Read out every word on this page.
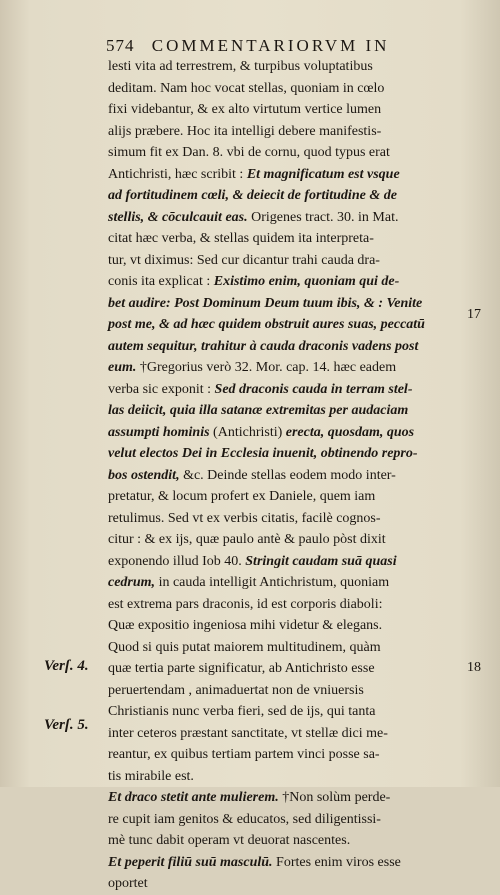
574 COMMENTARIORVM IN
lesti vita ad terrestrem, & turpibus voluptatibus
deditam. Nam hoc vocat stellas, quoniam in cœlo
fixi videbantur, & ex alto virtutum vertice lumen
alijs præbere. Hoc ita intelligi debere manifestis-
simum fit ex Dan. 8. vbi de cornu, quod typus erat
Antichristi, hæc scribit : Et magnificatum est vsque
ad fortitudinem cœli, & deiecit de fortitudine & de
stellis, & cōculcauit eas. Origenes tract. 30. in Mat.
citat hæc verba, & stellas quidem ita interpreta-
tur, vt diximus: Sed cur dicantur trahi cauda dra-
conis ita explicat : Existimo enim, quoniam qui de-
bet audire: Post Dominum Deum tuum ibis, & : Venite
post me, & ad hæc quidem obstruit aures suas, peccatū
autem sequitur, trahitur à cauda draconis vadens post
eum. †Gregorius verò 32. Mor. cap. 14. hæc eadem
verba sic exponit : Sed draconis cauda in terram stel-
las deiicit, quia illa satanæ extremitas per audaciam
assumpti hominis (Antichristi) erecta, quosdam, quos
velut electos Dei in Ecclesia inuenit, obtinendo repro-
bos ostendit, &c. Deinde stellas eodem modo inter-
pretatur, & locum profert ex Daniele, quem iam
retulimus. Sed vt ex verbis citatis, facilè cognos-
citur : & ex ijs, quæ paulo antè & paulo pòst dixit
exponendo illud Iob 40. Stringit caudam suā quasi
cedrum, in cauda intelligit Antichristum, quoniam
est extrema pars draconis, id est corporis diaboli:
Quæ expositio ingeniosa mihi videtur & elegans.
Quod si quis putat maiorem multitudinem, quàm
quæ tertia parte significatur, ab Antichristo esse
peruertendam , animaduertat non de vniuersis
Christianis nunc verba fieri, sed de ijs, qui tanta
inter ceteros præstant sanctitate, vt stellæ dici me-
reantur, ex quibus tertiam partem vinci posse sa-
tis mirabile est.
Et draco stetit ante mulierem. †Non solùm perde-
re cupit iam genitos & educatos, sed diligentissi-
mè tunc dabit operam vt deuorat nascentes.
Et peperit filiū suū masculū. Fortes enim viros esse
oportet
Verſ. 4.
Verſ. 5.
17
18
